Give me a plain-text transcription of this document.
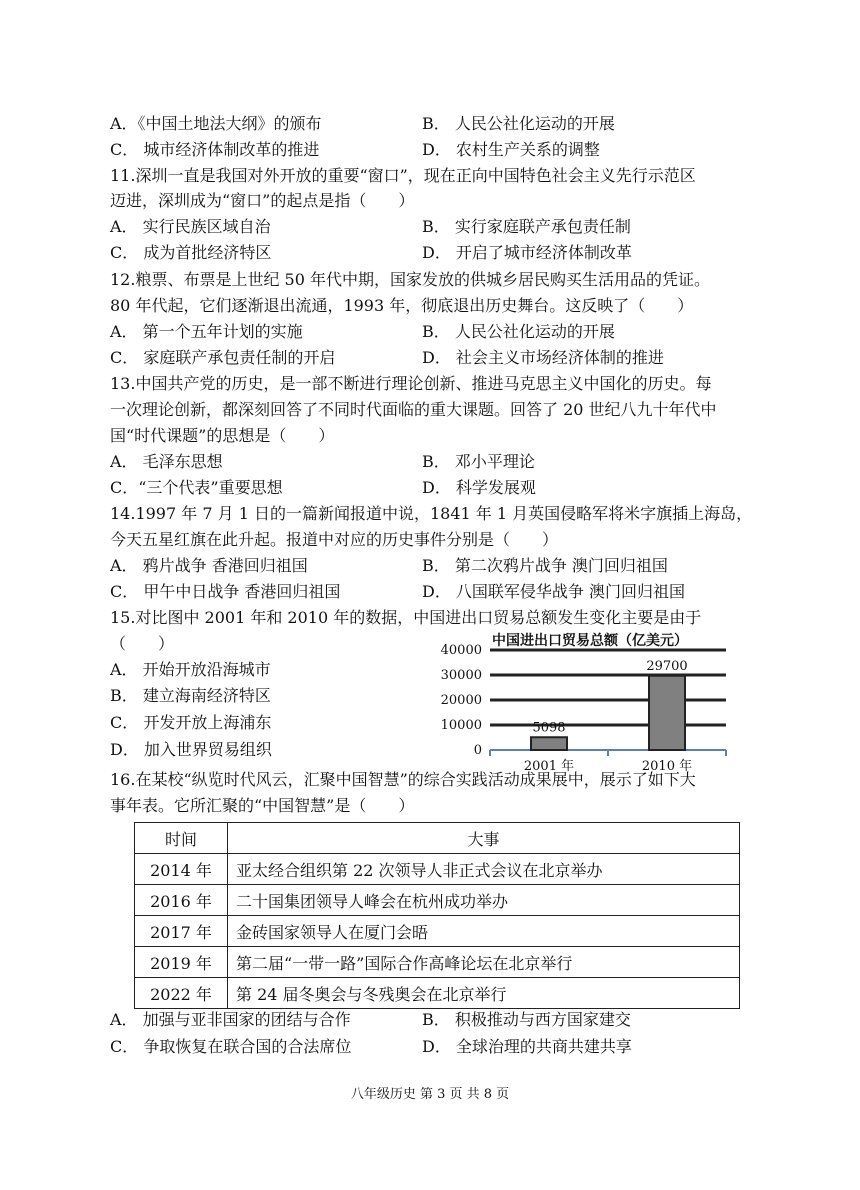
A．《中国土地法大纲》的颁布	B． 人民公社化运动的开展
C． 城市经济体制改革的推进	D． 农村生产关系的调整
11.深圳一直是我国对外开放的重要“窗口”，现在正向中国特色社会主义先行示范区
迈进，深圳成为“窗口”的起点是指（　　）
A． 实行民族区域自治	B． 实行家庭联产承包责任制
C． 成为首批经济特区	D． 开启了城市经济体制改革
12.粮票、布票是上世纪 50 年代中期，国家发放的供城乡居民购买生活用品的凭证。
80 年代起，它们逐渐退出流通，1993 年，彻底退出历史舞台。这反映了（　　）
A． 第一个五年计划的实施	B． 人民公社化运动的开展
C． 家庭联产承包责任制的开启	D． 社会主义市场经济体制的推进
13.中国共产党的历史，是一部不断进行理论创新、推进马克思主义中国化的历史。每
一次理论创新，都深刻回答了不同时代面临的重大课题。回答了 20 世纪八九十年代中
国“时代课题”的思想是（　　）
A． 毛泽东思想	B． 邓小平理论
C．“三个代表”重要思想	D． 科学发展观
14.1997 年 7 月 1 日的一篇新闻报道中说，1841 年 1 月英国侵略军将米字旗插上海岛，
今天五星红旗在此升起。报道中对应的历史事件分别是（　　）
A． 鸦片战争 香港回归祖国	B． 第二次鸦片战争 澳门回归祖国
C． 甲午中日战争 香港回归祖国	D． 八国联军侵华战争 澳门回归祖国
15.对比图中 2001 年和 2010 年的数据，中国进出口贸易总额发生变化主要是由于
（　　）
A． 开始开放沿海城市
B． 建立海南经济特区
C． 开发开放上海浦东
D． 加入世界贸易组织
中国进出口贸易总额（亿美元）
0
10000
20000
30000
40000
5098
2001 年
29700
2010 年
16.在某校“纵览时代风云，汇聚中国智慧”的综合实践活动成果展中，展示了如下大
事年表。它所汇聚的“中国智慧”是（　　）
时间	大事
2014 年	亚太经合组织第 22 次领导人非正式会议在北京举办
2016 年	二十国集团领导人峰会在杭州成功举办
2017 年	金砖国家领导人在厦门会晤
2019 年	第二届“一带一路”国际合作高峰论坛在北京举行
2022 年	第 24 届冬奥会与冬残奥会在北京举行
A． 加强与亚非国家的团结与合作	B． 积极推动与西方国家建交
C． 争取恢复在联合国的合法席位	D． 全球治理的共商共建共享
八年级历史 第 3 页 共 8 页
